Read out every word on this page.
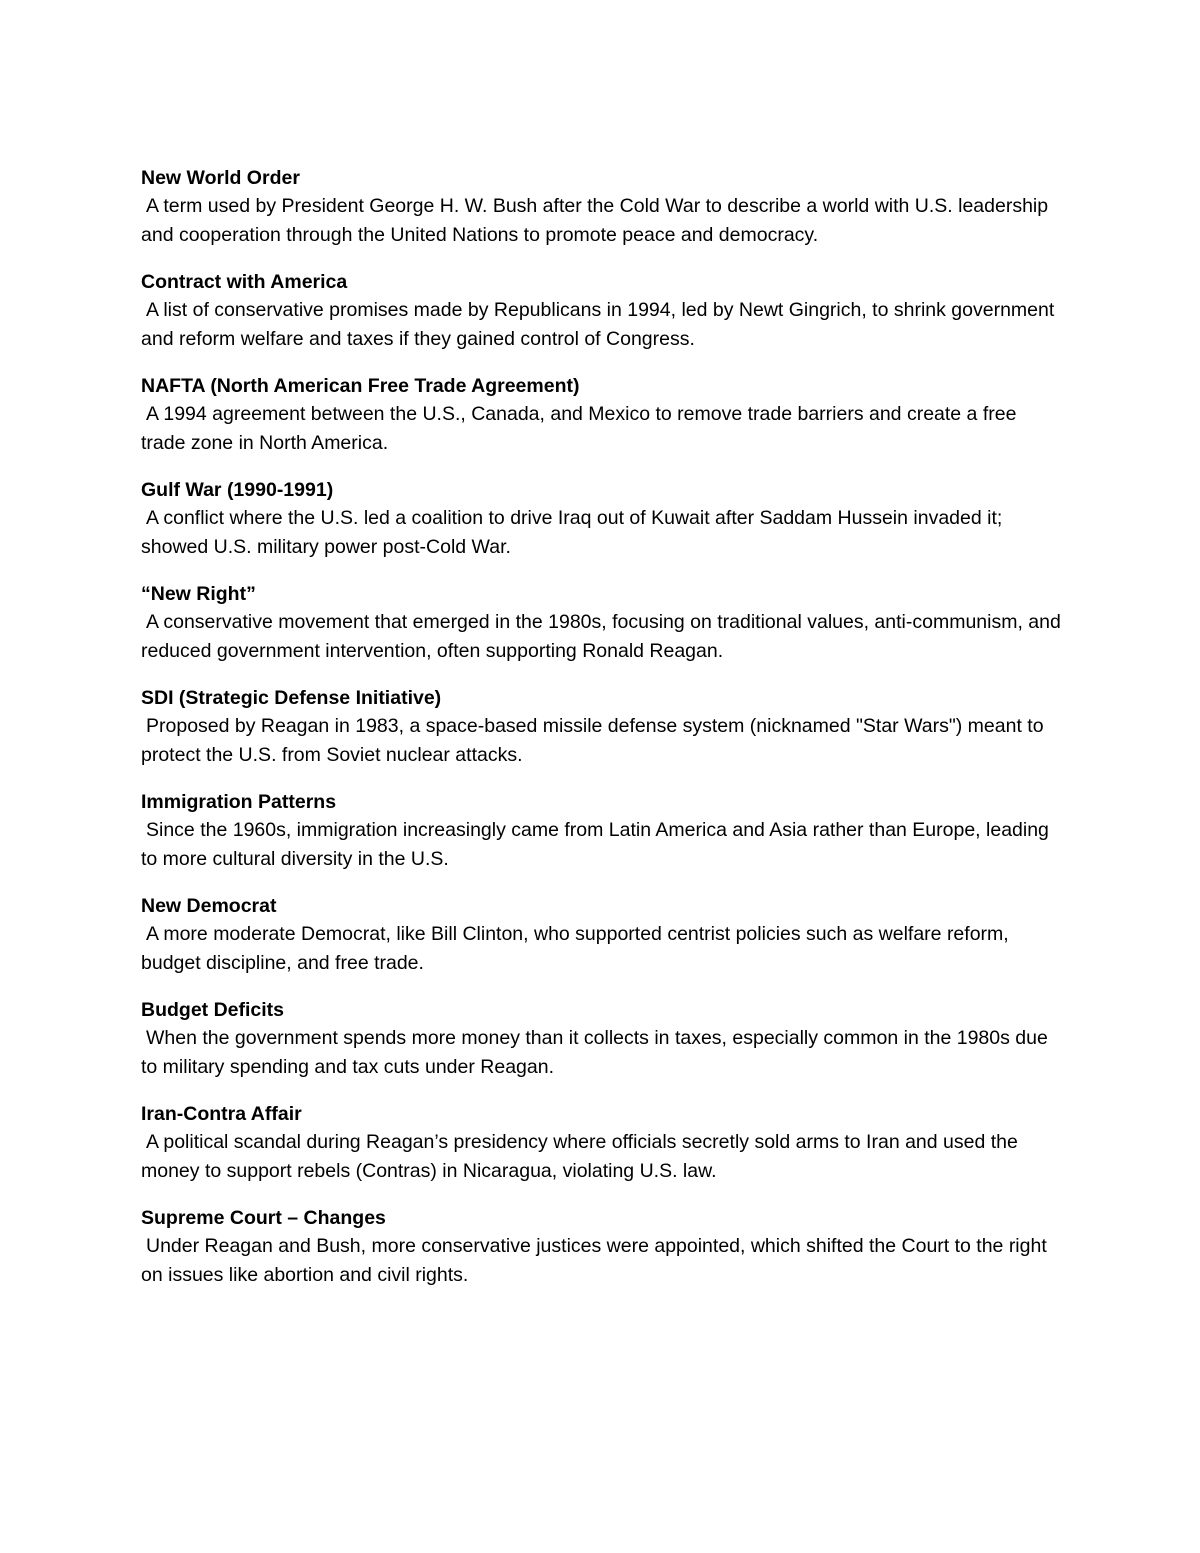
New World Order

A term used by President George H. W. Bush after the Cold War to describe a world with U.S. leadership and cooperation through the United Nations to promote peace and democracy.

Contract with America

A list of conservative promises made by Republicans in 1994, led by Newt Gingrich, to shrink government and reform welfare and taxes if they gained control of Congress.

NAFTA (North American Free Trade Agreement)

A 1994 agreement between the U.S., Canada, and Mexico to remove trade barriers and create a free trade zone in North America.

Gulf War (1990-1991)

A conflict where the U.S. led a coalition to drive Iraq out of Kuwait after Saddam Hussein invaded it; showed U.S. military power post-Cold War.

“New Right”

A conservative movement that emerged in the 1980s, focusing on traditional values, anti-communism, and reduced government intervention, often supporting Ronald Reagan.

SDI (Strategic Defense Initiative)

Proposed by Reagan in 1983, a space-based missile defense system (nicknamed "Star Wars") meant to protect the U.S. from Soviet nuclear attacks.

Immigration Patterns

Since the 1960s, immigration increasingly came from Latin America and Asia rather than Europe, leading to more cultural diversity in the U.S.

New Democrat

A more moderate Democrat, like Bill Clinton, who supported centrist policies such as welfare reform, budget discipline, and free trade.

Budget Deficits

When the government spends more money than it collects in taxes, especially common in the 1980s due to military spending and tax cuts under Reagan.

Iran-Contra Affair

A political scandal during Reagan’s presidency where officials secretly sold arms to Iran and used the money to support rebels (Contras) in Nicaragua, violating U.S. law.

Supreme Court – Changes

Under Reagan and Bush, more conservative justices were appointed, which shifted the Court to the right on issues like abortion and civil rights.
